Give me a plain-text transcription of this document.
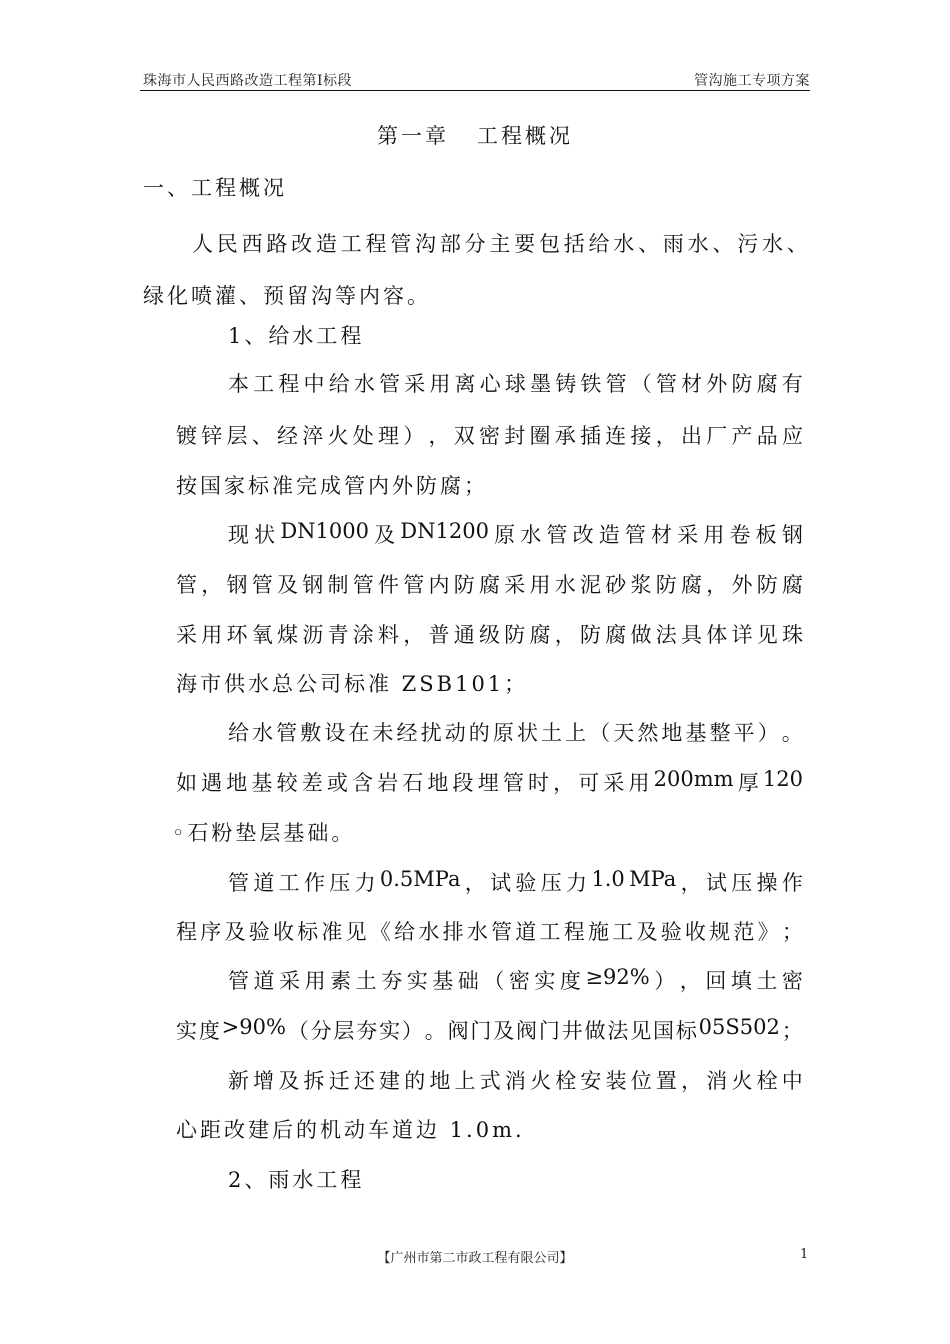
珠海市人民西路改造工程第Ⅰ标段	管沟施工专项方案
第一章 工程概况
一、工程概况
人 民 西 路 改 造 工 程 管 沟 部 分 主 要 包 括 给 水 、 雨 水 、 污 水 、
绿化喷灌、预留沟等内容。
1、给水工程
本 工 程 中 给 水 管 采 用 离 心 球 墨 铸 铁 管 （ 管 材 外 防 腐 有
镀 锌 层 、 经 淬 火 处 理 ） ， 双 密 封 圈 承 插 连 接 ， 出 厂 产 品 应
按国家标准完成管内外防腐；
现 状 DN1000 及 DN1200 原 水 管 改 造 管 材 采 用 卷 板 钢
管 ， 钢 管 及 钢 制 管 件 管 内 防 腐 采 用 水 泥 砂 浆 防 腐 ， 外 防 腐
采 用 环 氧 煤 沥 青 涂 料 ， 普 通 级 防 腐 ， 防 腐 做 法 具 体 详 见 珠
海市供水总公司标准 ZSB101；
给 水 管 敷 设 在 未 经 扰 动 的 原 状 土 上 （ 天 然 地 基 整 平 ） 。
如 遇 地 基 较 差 或 含 岩 石 地 段 埋 管 时 ， 可 采 用 200mm 厚 120
◦石粉垫层基础。
管 道 工 作 压 力 0.5MPa ， 试 验 压 力 1.0 MPa ， 试 压 操 作
程 序 及 验 收 标 准 见 《 给 水 排 水 管 道 工 程 施 工 及 验 收 规 范 》 ；
管 道 采 用 素 土 夯 实 基 础 （ 密 实 度 ≥92% ） ， 回 填 土 密
实 度 >90% （ 分 层 夯 实 ） 。 阀 门 及 阀 门 井 做 法 见 国 标 05S502 ；
新 增 及 拆 迁 还 建 的 地 上 式 消 火 栓 安 装 位 置 ， 消 火 栓 中
心距改建后的机动车道边 1.0m.
2、雨水工程
【广州市第二市政工程有限公司】	1
